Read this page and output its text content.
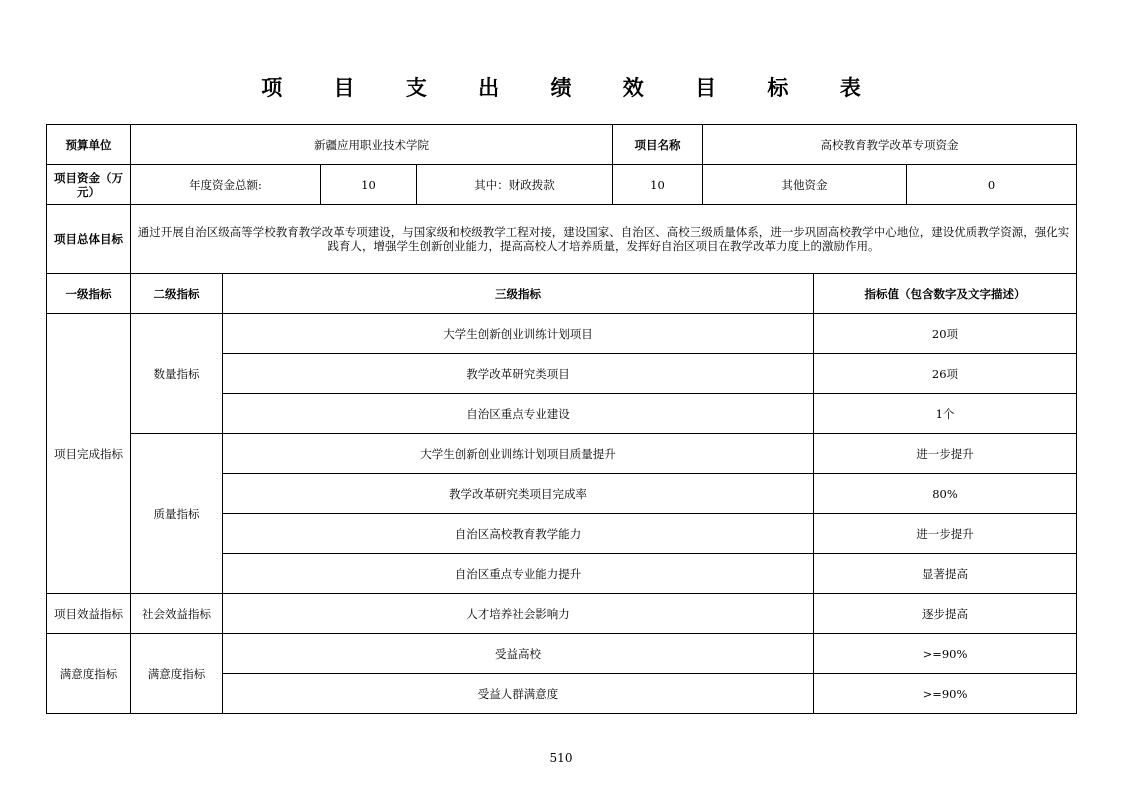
项 目 支 出 绩 效 目 标 表
预算单位	新疆应用职业技术学院				项目名称	高校教育教学改革专项资金		
项目资金（万元）	年度资金总额:		10	其中：财政拨款	10	其他资金		0
项目总体目标	通过开展自治区级高等学校教育教学改革专项建设，与国家级和校级教学工程对接，建设国家、自治区、高校三级质量体系，进一步巩固高校教学中心地位，建设优质教学资源，强化实践育人，增强学生创新创业能力，提高高校人才培养质量，发挥好自治区项目在教学改革力度上的激励作用。							
一级指标	二级指标	三级指标					指标值（包含数字及文字描述）	
项目完成指标	数量指标	大学生创新创业训练计划项目					20项	
		教学改革研究类项目					26项	
		自治区重点专业建设					1个	
	质量指标	大学生创新创业训练计划项目质量提升					进一步提升	
		教学改革研究类项目完成率					80%	
		自治区高校教育教学能力					进一步提升	
		自治区重点专业能力提升					显著提高	
项目效益指标	社会效益指标	人才培养社会影响力					逐步提高	
满意度指标	满意度指标	受益高校					>=90%	
		受益人群满意度					>=90%	
510
